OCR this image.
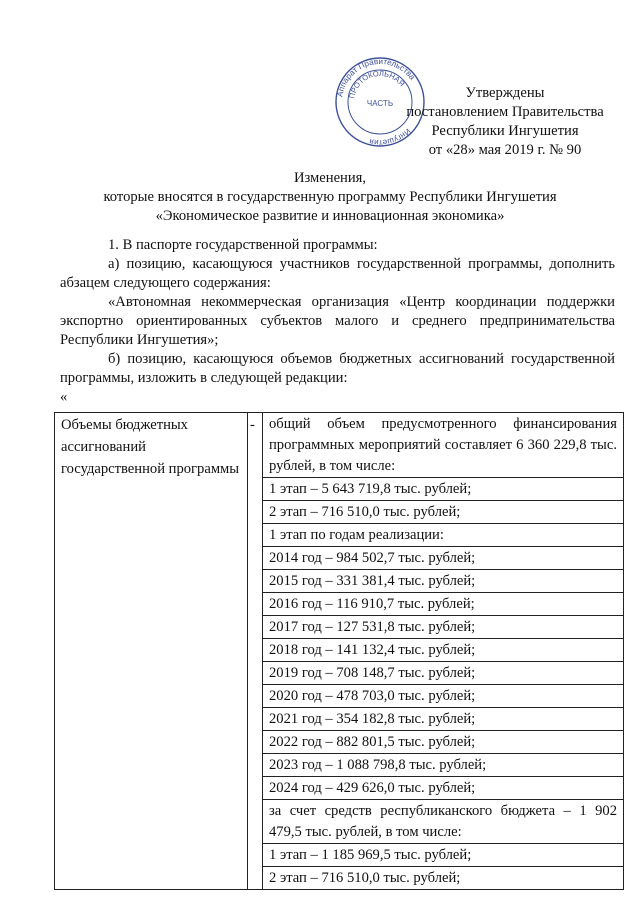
Аппарат Правительства
Ингушетия
ПРОТОКОЛЬНАЯ
ЧАСТЬ
Утверждены
постановлением Правительства
Республики Ингушетия
от «28» мая 2019 г. № 90
Изменения,
которые вносятся в государственную программу Республики Ингушетия
«Экономическое развитие и инновационная экономика»

1. В паспорте государственной программы:

а) позицию, касающуюся участников государственной программы, дополнить абзацем следующего содержания:

«Автономная некоммерческая организация «Центр координации поддержки экспортно ориентированных субъектов малого и среднего предпринимательства Республики Ингушетия»;

б) позицию, касающуюся объемов бюджетных ассигнований государственной программы, изложить в следующей редакции:

«

Объемы бюджетных ассигнований государственной программы	-	общий объем предусмотренного финансирования программных мероприятий составляет 6 360 229,8 тыс. рублей, в том числе:
1 этап – 5 643 719,8 тыс. рублей;
2 этап – 716 510,0 тыс. рублей;
1 этап по годам реализации:
2014 год – 984 502,7 тыс. рублей;
2015 год – 331 381,4 тыс. рублей;
2016 год – 116 910,7 тыс. рублей;
2017 год – 127 531,8 тыс. рублей;
2018 год – 141 132,4 тыс. рублей;
2019 год – 708 148,7 тыс. рублей;
2020 год – 478 703,0 тыс. рублей;
2021 год – 354 182,8 тыс. рублей;
2022 год – 882 801,5 тыс. рублей;
2023 год – 1 088 798,8 тыс. рублей;
2024 год – 429 626,0 тыс. рублей;
за счет средств республиканского бюджета – 1 902 479,5 тыс. рублей, в том числе:
1 этап – 1 185 969,5 тыс. рублей;
2 этап – 716 510,0 тыс. рублей;
